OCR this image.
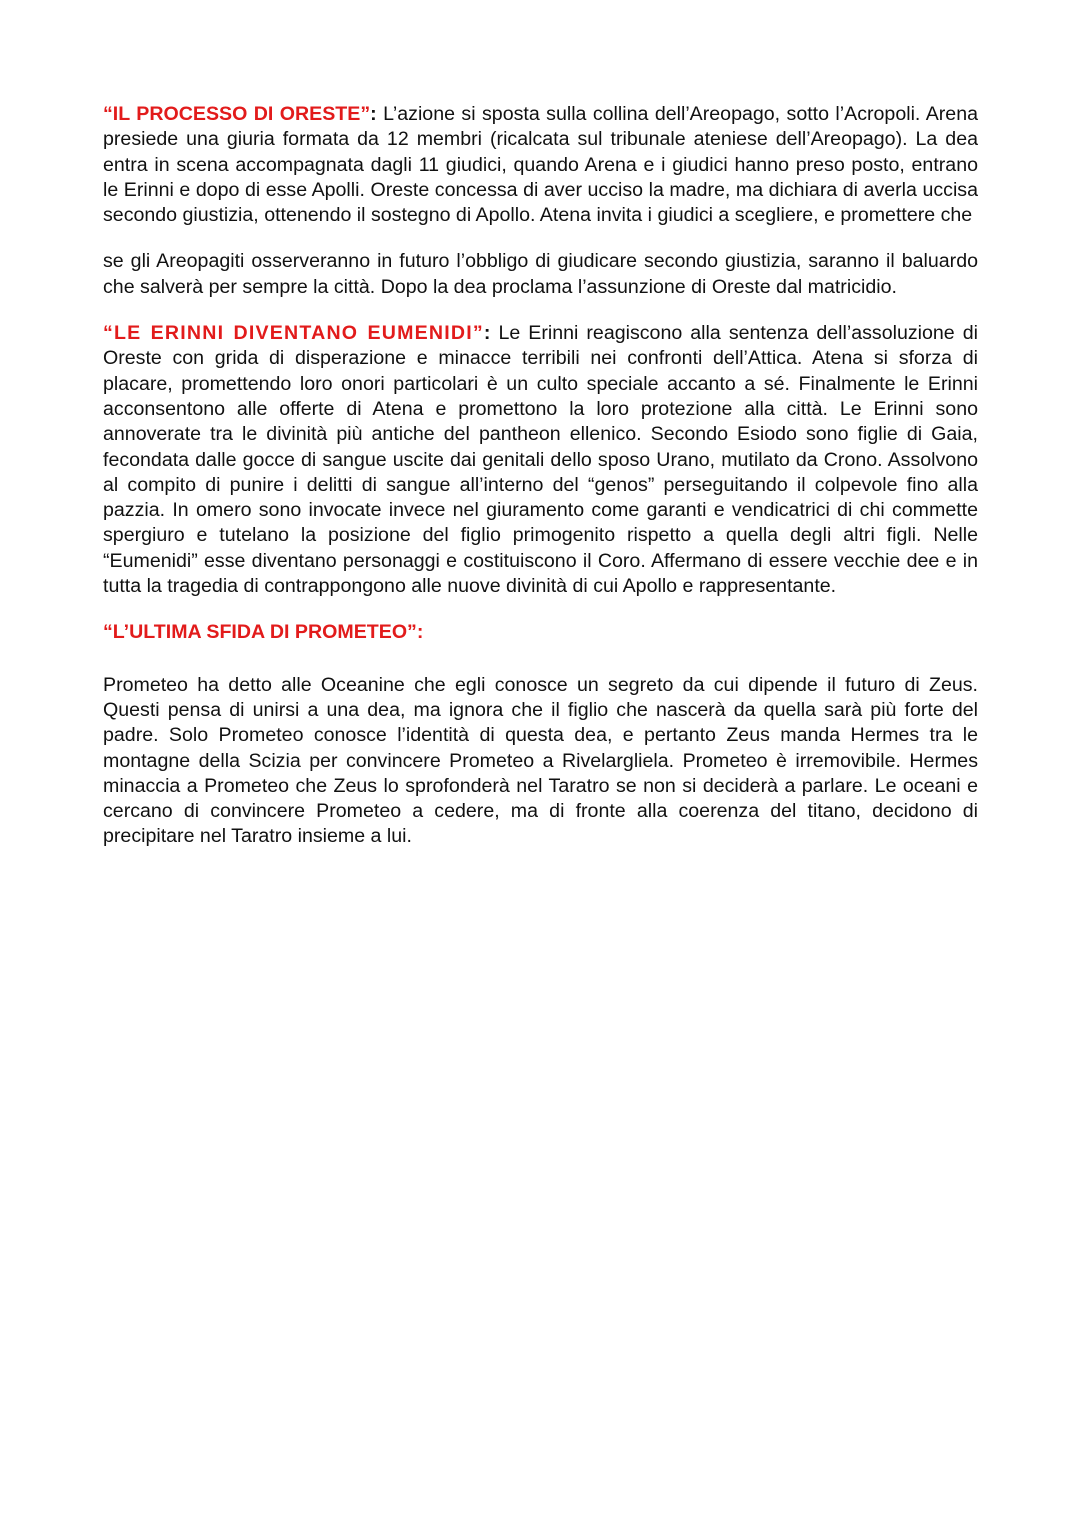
“IL PROCESSO DI ORESTE”: L’azione si sposta sulla collina dell’Areopago, sotto l’Acropoli. Arena presiede una giuria formata da 12 membri (ricalcata sul tribunale ateniese dell’Areopago). La dea entra in scena accompagnata dagli 11 giudici, quando Arena e i giudici hanno preso posto, entrano le Erinni e dopo di esse Apolli. Oreste concessa di aver ucciso la madre, ma dichiara di averla uccisa secondo giustizia, ottenendo il sostegno di Apollo. Atena invita i giudici a scegliere, e promettere che

se gli Areopagiti osserveranno in futuro l’obbligo di giudicare secondo giustizia, saranno il baluardo che salverà per sempre la città. Dopo la dea proclama l’assunzione di Oreste dal matricidio.

“LE ERINNI DIVENTANO EUMENIDI”: Le Erinni reagiscono alla sentenza dell’assoluzione di Oreste con grida di disperazione e minacce terribili nei confronti dell’Attica. Atena si sforza di placare, promettendo loro onori particolari è un culto speciale accanto a sé. Finalmente le Erinni acconsentono alle offerte di Atena e promettono la loro protezione alla città. Le Erinni sono annoverate tra le divinità più antiche del pantheon ellenico. Secondo Esiodo sono figlie di Gaia, fecondata dalle gocce di sangue uscite dai genitali dello sposo Urano, mutilato da Crono. Assolvono al compito di punire i delitti di sangue all’interno del “genos” perseguitando il colpevole fino alla pazzia. In omero sono invocate invece nel giuramento come garanti e vendicatrici di chi commette spergiuro e tutelano la posizione del figlio primogenito rispetto a quella degli altri figli. Nelle “Eumenidi” esse diventano personaggi e costituiscono il Coro. Affermano di essere vecchie dee e in tutta la tragedia di contrappongono alle nuove divinità di cui Apollo e rappresentante.

“L’ULTIMA SFIDA DI PROMETEO”:

Prometeo ha detto alle Oceanine che egli conosce un segreto da cui dipende il futuro di Zeus. Questi pensa di unirsi a una dea, ma ignora che il figlio che nascerà da quella sarà più forte del padre. Solo Prometeo conosce l’identità di questa dea, e pertanto Zeus manda Hermes tra le montagne della Scizia per convincere Prometeo a Rivelargliela. Prometeo è irremovibile. Hermes minaccia a Prometeo che Zeus lo sprofonderà nel Taratro se non si deciderà a parlare. Le oceani e cercano di convincere Prometeo a cedere, ma di fronte alla coerenza del titano, decidono di precipitare nel Taratro insieme a lui.
